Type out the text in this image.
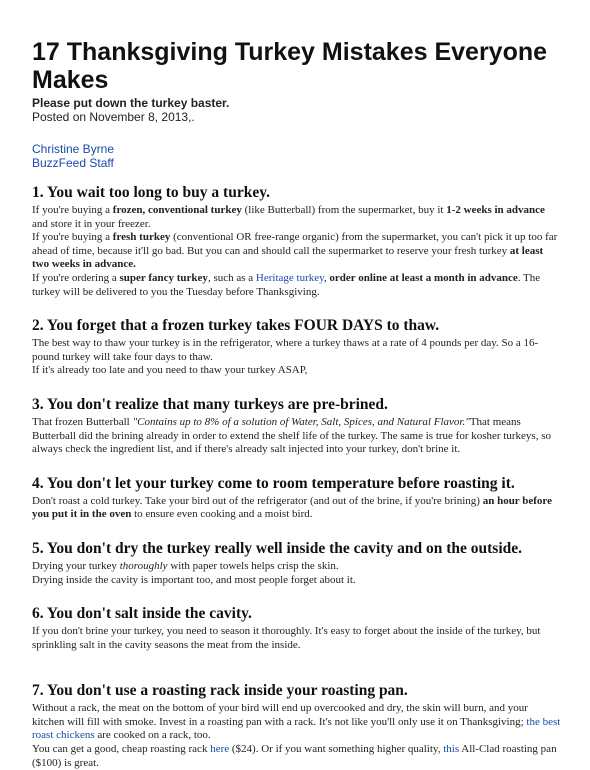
17 Thanksgiving Turkey Mistakes Everyone Makes

Please put down the turkey baster.

Posted on November 8, 2013,.

Christine Byrne

BuzzFeed Staff

1. You wait too long to buy a turkey.

If you're buying a frozen, conventional turkey (like Butterball) from the supermarket, buy it 1-2 weeks in advance and store it in your freezer.

If you're buying a fresh turkey (conventional OR free-range organic) from the supermarket, you can't pick it up too far ahead of time, because it'll go bad. But you can and should call the supermarket to reserve your fresh turkey at least two weeks in advance.

If you're ordering a super fancy turkey, such as a Heritage turkey, order online at least a month in advance. The turkey will be delivered to you the Tuesday before Thanksgiving.

2. You forget that a frozen turkey takes FOUR DAYS to thaw.

The best way to thaw your turkey is in the refrigerator, where a turkey thaws at a rate of 4 pounds per day. So a 16-pound turkey will take four days to thaw.

If it's already too late and you need to thaw your turkey ASAP,

3. You don't realize that many turkeys are pre-brined.

That frozen Butterball "Contains up to 8% of a solution of Water, Salt, Spices, and Natural Flavor."That means Butterball did the brining already in order to extend the shelf life of the turkey. The same is true for kosher turkeys, so always check the ingredient list, and if there's already salt injected into your turkey, don't brine it.

4. You don't let your turkey come to room temperature before roasting it.

Don't roast a cold turkey. Take your bird out of the refrigerator (and out of the brine, if you're brining) an hour before you put it in the oven to ensure even cooking and a moist bird.

5. You don't dry the turkey really well inside the cavity and on the outside.

Drying your turkey thoroughly with paper towels helps crisp the skin.

Drying inside the cavity is important too, and most people forget about it.

6. You don't salt inside the cavity.

If you don't brine your turkey, you need to season it thoroughly. It's easy to forget about the inside of the turkey, but sprinkling salt in the cavity seasons the meat from the inside.

7. You don't use a roasting rack inside your roasting pan.

Without a rack, the meat on the bottom of your bird will end up overcooked and dry, the skin will burn, and your kitchen will fill with smoke. Invest in a roasting pan with a rack. It's not like you'll only use it on Thanksgiving; the best roast chickens are cooked on a rack, too.

You can get a good, cheap roasting rack here ($24). Or if you want something higher quality, this All-Clad roasting pan ($100) is great.
